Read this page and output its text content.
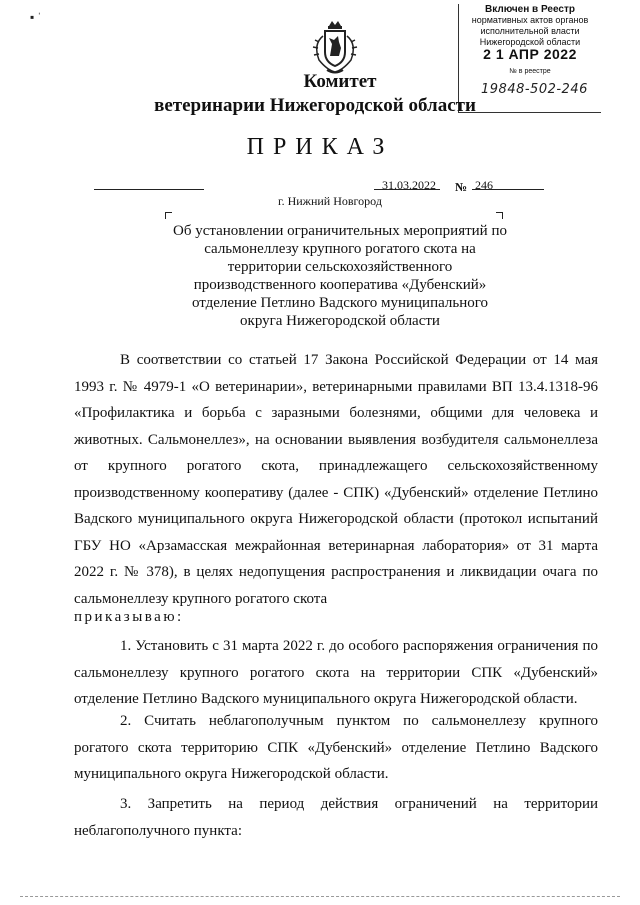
▪ ˈ
Включен в Реестр
нормативных актов органов
исполнительной власти
Нижегородской области
2 1 АПР 2022
№ в реестре
19848-502-246
Комитет
ветеринарии Нижегородской области
ПРИКАЗ
31.03.2022 № 246
г. Нижний Новгород
Об установлении ограничительных мероприятий по сальмонеллезу крупного рогатого скота на территории сельскохозяйственного производственного кооператива «Дубенский» отделение Петлино Вадского муниципального округа Нижегородской области
В соответствии со статьей 17 Закона Российской Федерации от 14 мая 1993 г. № 4979-1 «О ветеринарии», ветеринарными правилами ВП 13.4.1318-96 «Профилактика и борьба с заразными болезнями, общими для человека и животных. Сальмонеллез», на основании выявления возбудителя сальмонеллеза от крупного рогатого скота, принадлежащего сельскохозяйственному производственному кооперативу (далее - СПК) «Дубенский» отделение Петлино Вадского муниципального округа Нижегородской области (протокол испытаний ГБУ НО «Арзамасская межрайонная ветеринарная лаборатория» от 31 марта 2022 г. № 378), в целях недопущения распространения и ликвидации очага по сальмонеллезу крупного рогатого скота
приказываю:
1. Установить с 31 марта 2022 г. до особого распоряжения ограничения по сальмонеллезу крупного рогатого скота на территории СПК «Дубенский» отделение Петлино Вадского муниципального округа Нижегородской области.
2. Считать неблагополучным пунктом по сальмонеллезу крупного рогатого скота территорию СПК «Дубенский» отделение Петлино Вадского муниципального округа Нижегородской области.
3. Запретить на период действия ограничений на территории неблагополучного пункта:
